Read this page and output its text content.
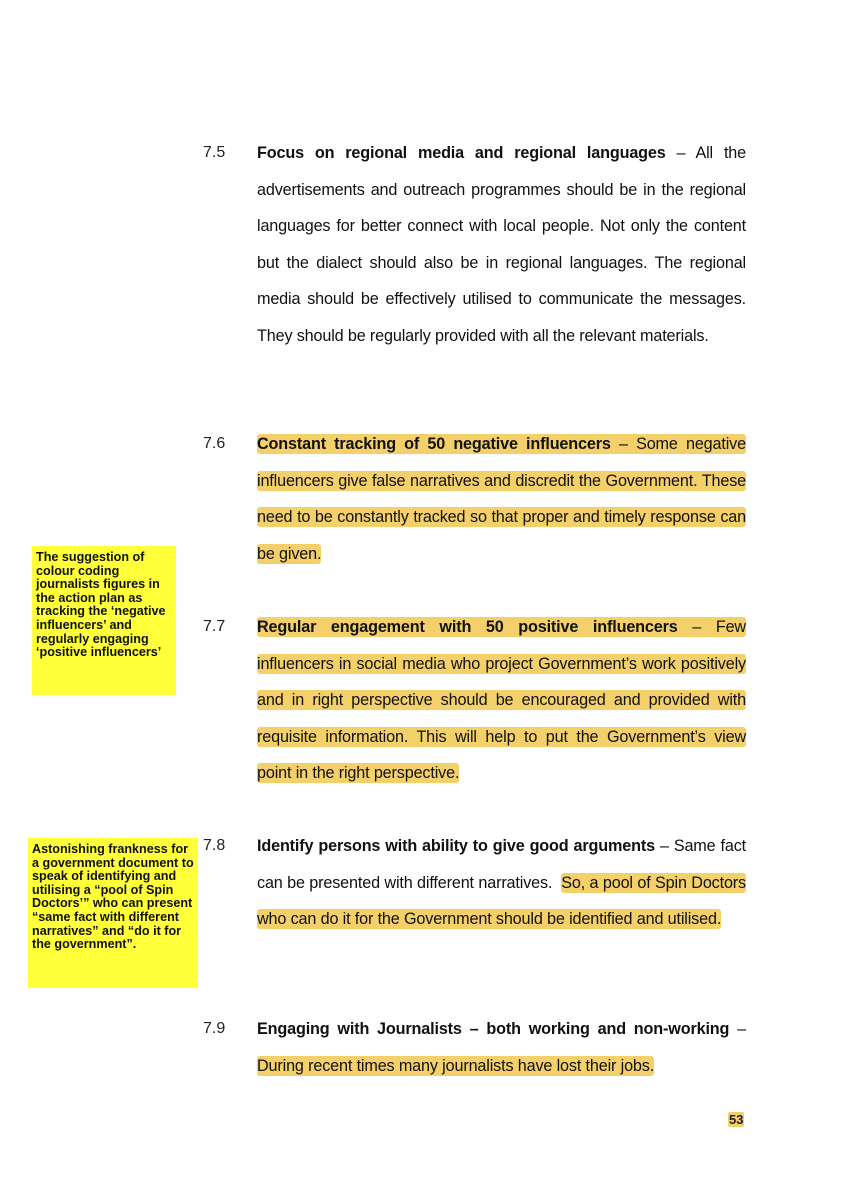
7.5 Focus on regional media and regional languages – All the advertisements and outreach programmes should be in the regional languages for better connect with local people. Not only the content but the dialect should also be in regional languages. The regional media should be effectively utilised to communicate the messages. They should be regularly provided with all the relevant materials.
7.6 Constant tracking of 50 negative influencers – Some negative influencers give false narratives and discredit the Government. These need to be constantly tracked so that proper and timely response can be given.
7.7 Regular engagement with 50 positive influencers – Few influencers in social media who project Government’s work positively and in right perspective should be encouraged and provided with requisite information. This will help to put the Government’s view point in the right perspective.
7.8 Identify persons with ability to give good arguments – Same fact can be presented with different narratives.  So, a pool of Spin Doctors who can do it for the Government should be identified and utilised.
7.9 Engaging with Journalists – both working and non-working – During recent times many journalists have lost their jobs.
The suggestion of colour coding journalists figures in the action plan as tracking the ‘negative influencers’ and regularly engaging ‘positive influencers’
Astonishing frankness for a government document to speak of identifying and utilising a “pool of Spin Doctors’” who can present “same fact with different narratives” and “do it for the government”.
53
